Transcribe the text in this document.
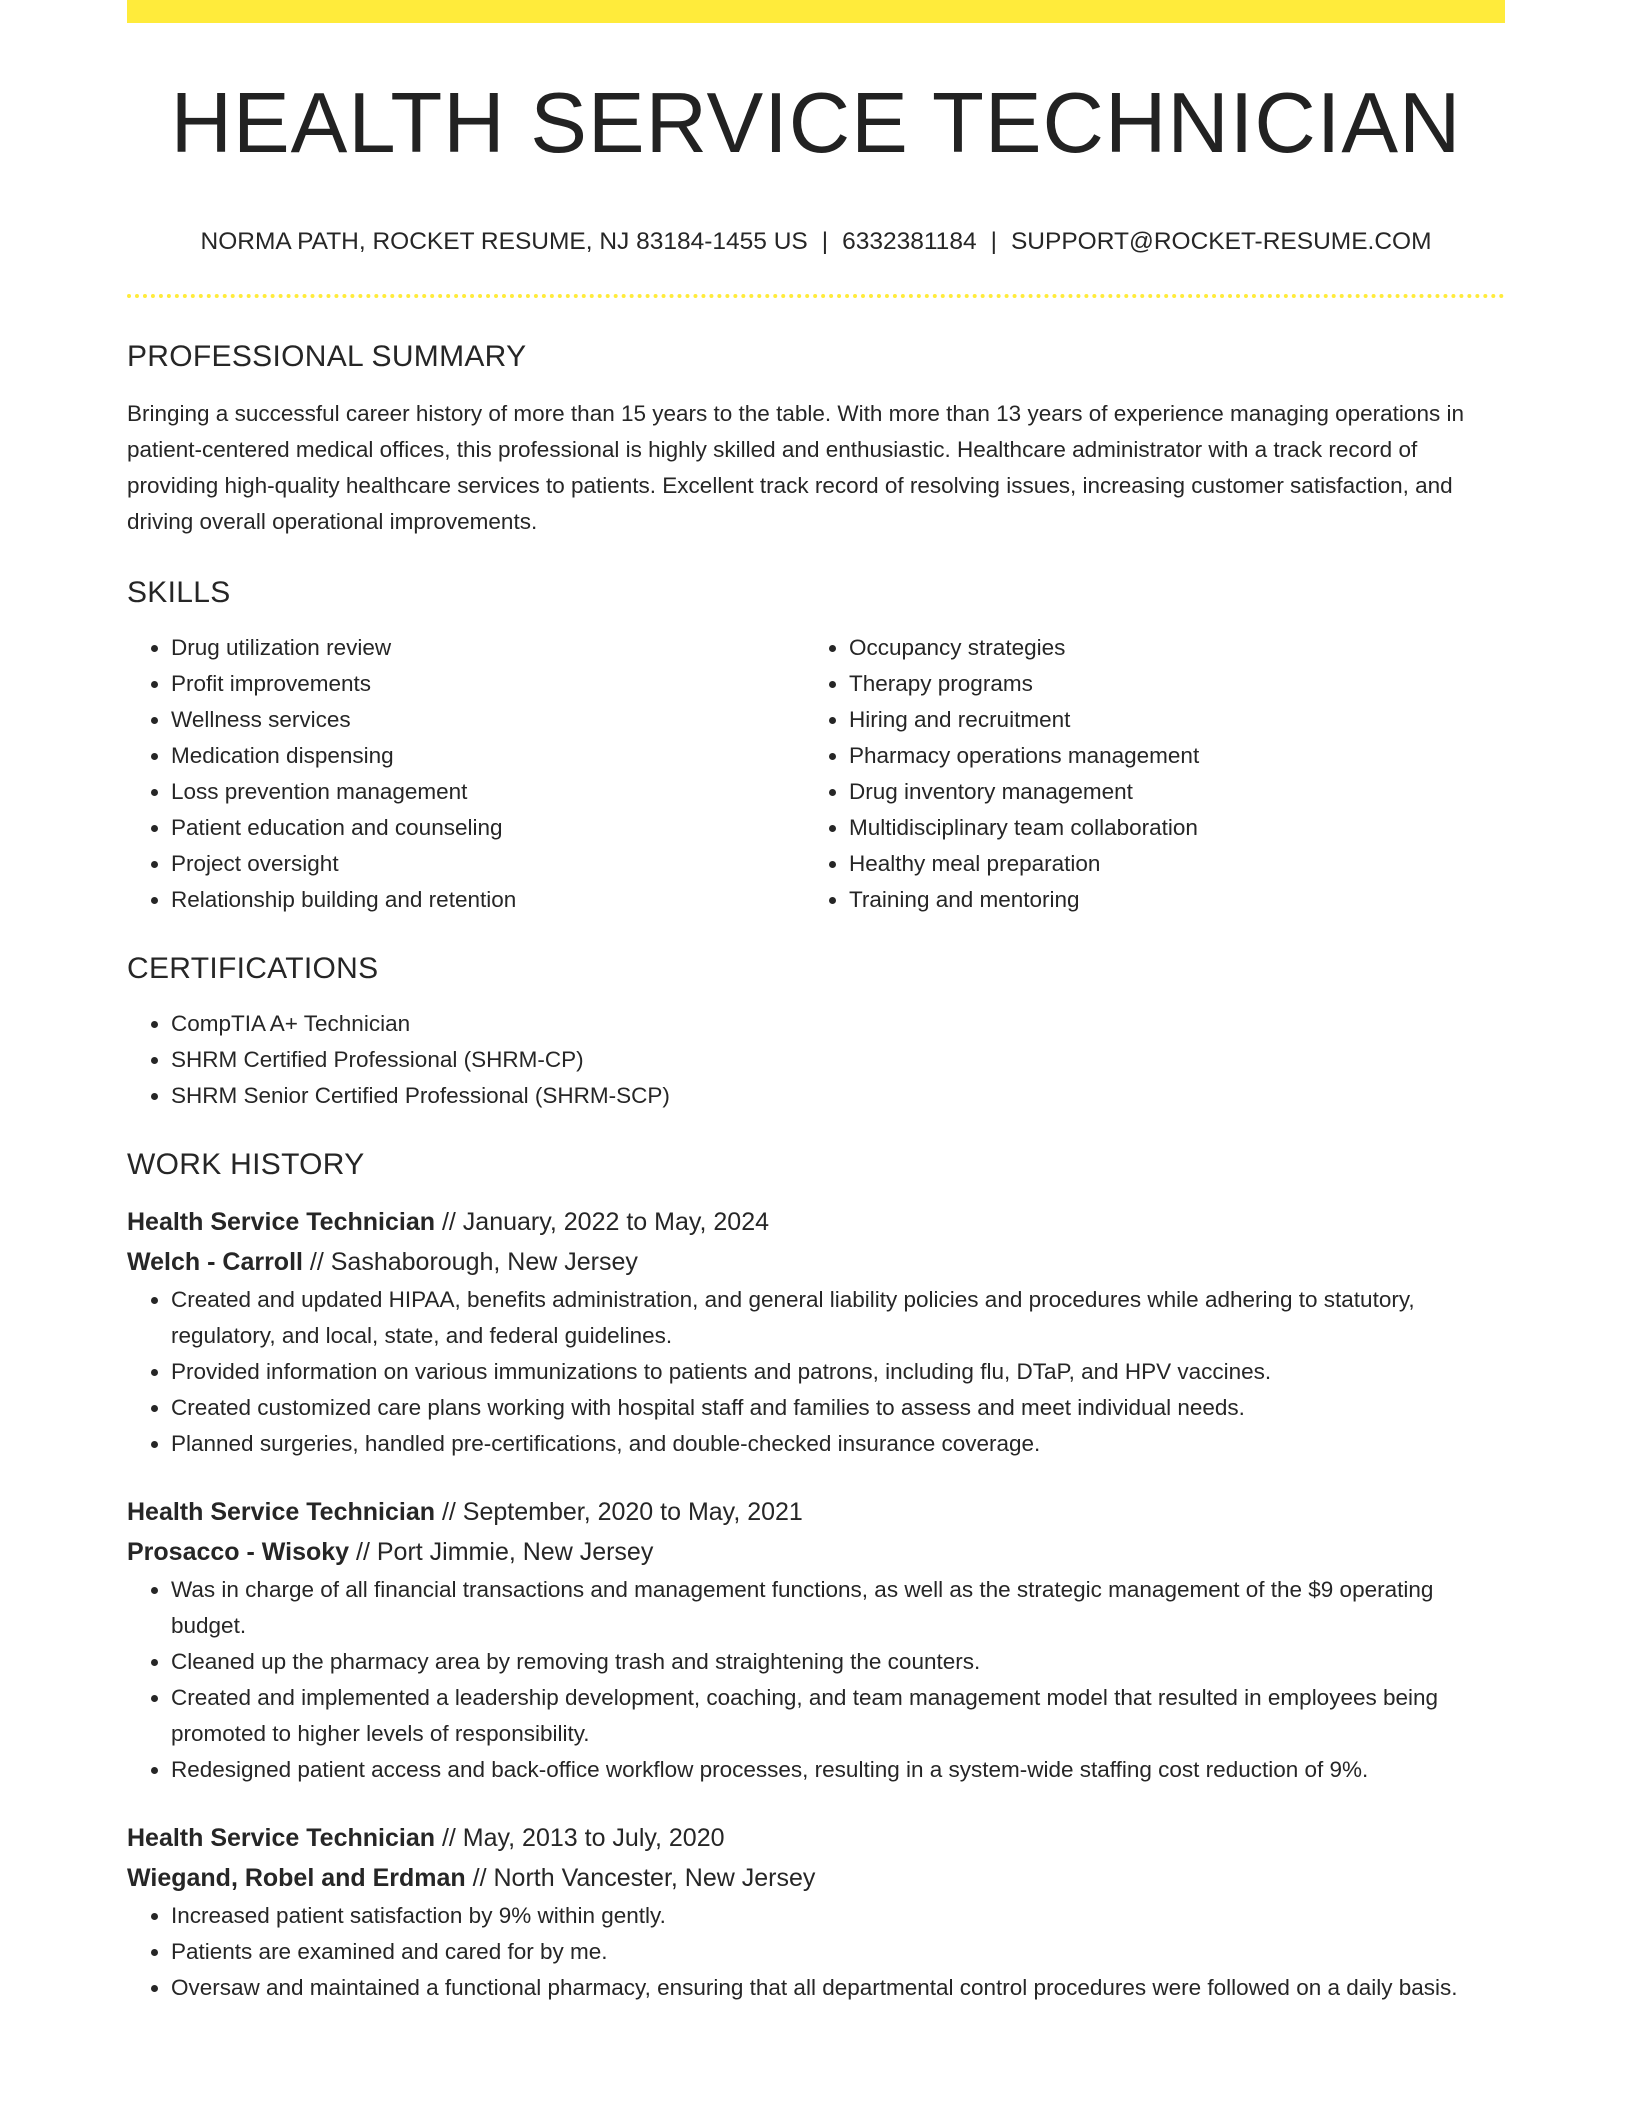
HEALTH SERVICE TECHNICIAN
NORMA PATH, ROCKET RESUME, NJ 83184-1455 US | 6332381184 | SUPPORT@ROCKET-RESUME.COM
PROFESSIONAL SUMMARY

Bringing a successful career history of more than 15 years to the table. With more than 13 years of experience managing operations in patient-centered medical offices, this professional is highly skilled and enthusiastic. Healthcare administrator with a track record of providing high-quality healthcare services to patients. Excellent track record of resolving issues, increasing customer satisfaction, and driving overall operational improvements.

SKILLS
• Drug utilization review
• Profit improvements
• Wellness services
• Medication dispensing
• Loss prevention management
• Patient education and counseling
• Project oversight
• Relationship building and retention
• Occupancy strategies
• Therapy programs
• Hiring and recruitment
• Pharmacy operations management
• Drug inventory management
• Multidisciplinary team collaboration
• Healthy meal preparation
• Training and mentoring
CERTIFICATIONS
• CompTIA A+ Technician
• SHRM Certified Professional (SHRM-CP)
• SHRM Senior Certified Professional (SHRM-SCP)
WORK HISTORY
Health Service Technician // January, 2022 to May, 2024
Welch - Carroll // Sashaborough, New Jersey
• Created and updated HIPAA, benefits administration, and general liability policies and procedures while adhering to statutory, regulatory, and local, state, and federal guidelines.
• Provided information on various immunizations to patients and patrons, including flu, DTaP, and HPV vaccines.
• Created customized care plans working with hospital staff and families to assess and meet individual needs.
• Planned surgeries, handled pre-certifications, and double-checked insurance coverage.
Health Service Technician // September, 2020 to May, 2021
Prosacco - Wisoky // Port Jimmie, New Jersey
• Was in charge of all financial transactions and management functions, as well as the strategic management of the $9 operating budget.
• Cleaned up the pharmacy area by removing trash and straightening the counters.
• Created and implemented a leadership development, coaching, and team management model that resulted in employees being promoted to higher levels of responsibility.
• Redesigned patient access and back-office workflow processes, resulting in a system-wide staffing cost reduction of 9%.
Health Service Technician // May, 2013 to July, 2020
Wiegand, Robel and Erdman // North Vancester, New Jersey
• Increased patient satisfaction by 9% within gently.
• Patients are examined and cared for by me.
• Oversaw and maintained a functional pharmacy, ensuring that all departmental control procedures were followed on a daily basis.
